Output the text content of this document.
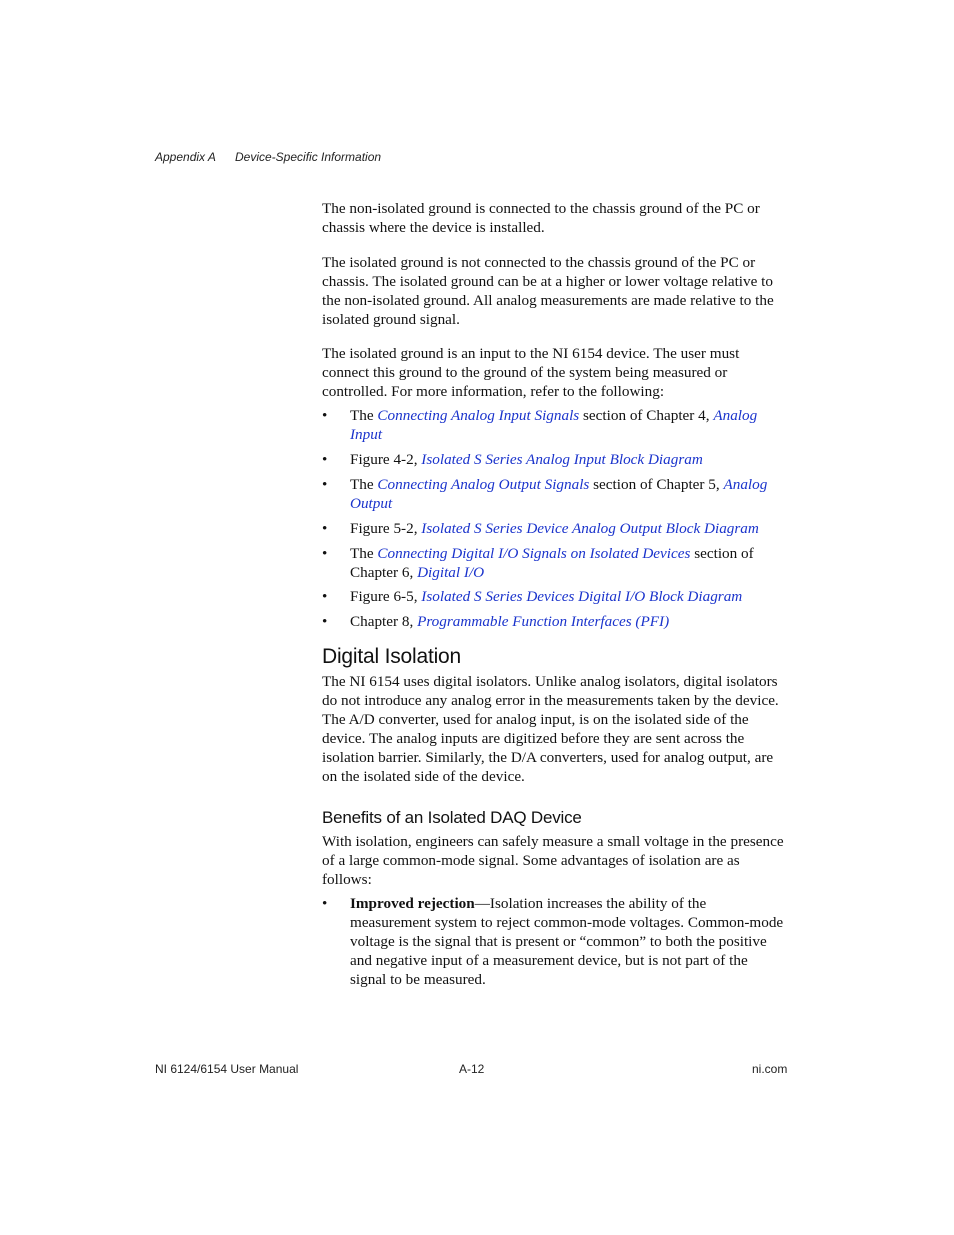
Appendix A Device-Specific Information

The non-isolated ground is connected to the chassis ground of the PC or chassis where the device is installed.

The isolated ground is not connected to the chassis ground of the PC or chassis. The isolated ground can be at a higher or lower voltage relative to the non-isolated ground. All analog measurements are made relative to the isolated ground signal.

The isolated ground is an input to the NI 6154 device. The user must connect this ground to the ground of the system being measured or controlled. For more information, refer to the following:

• The Connecting Analog Input Signals section of Chapter 4, Analog Input
• Figure 4-2, Isolated S Series Analog Input Block Diagram
• The Connecting Analog Output Signals section of Chapter 5, Analog Output
• Figure 5-2, Isolated S Series Device Analog Output Block Diagram
• The Connecting Digital I/O Signals on Isolated Devices section of Chapter 6, Digital I/O
• Figure 6-5, Isolated S Series Devices Digital I/O Block Diagram
• Chapter 8, Programmable Function Interfaces (PFI)
Digital Isolation

The NI 6154 uses digital isolators. Unlike analog isolators, digital isolators do not introduce any analog error in the measurements taken by the device. The A/D converter, used for analog input, is on the isolated side of the device. The analog inputs are digitized before they are sent across the isolation barrier. Similarly, the D/A converters, used for analog output, are on the isolated side of the device.

Benefits of an Isolated DAQ Device

With isolation, engineers can safely measure a small voltage in the presence of a large common-mode signal. Some advantages of isolation are as follows:

• Improved rejection—Isolation increases the ability of the measurement system to reject common-mode voltages. Common-mode voltage is the signal that is present or “common” to both the positive and negative input of a measurement device, but is not part of the signal to be measured.
NI 6124/6154 User Manual	A-12	ni.com
